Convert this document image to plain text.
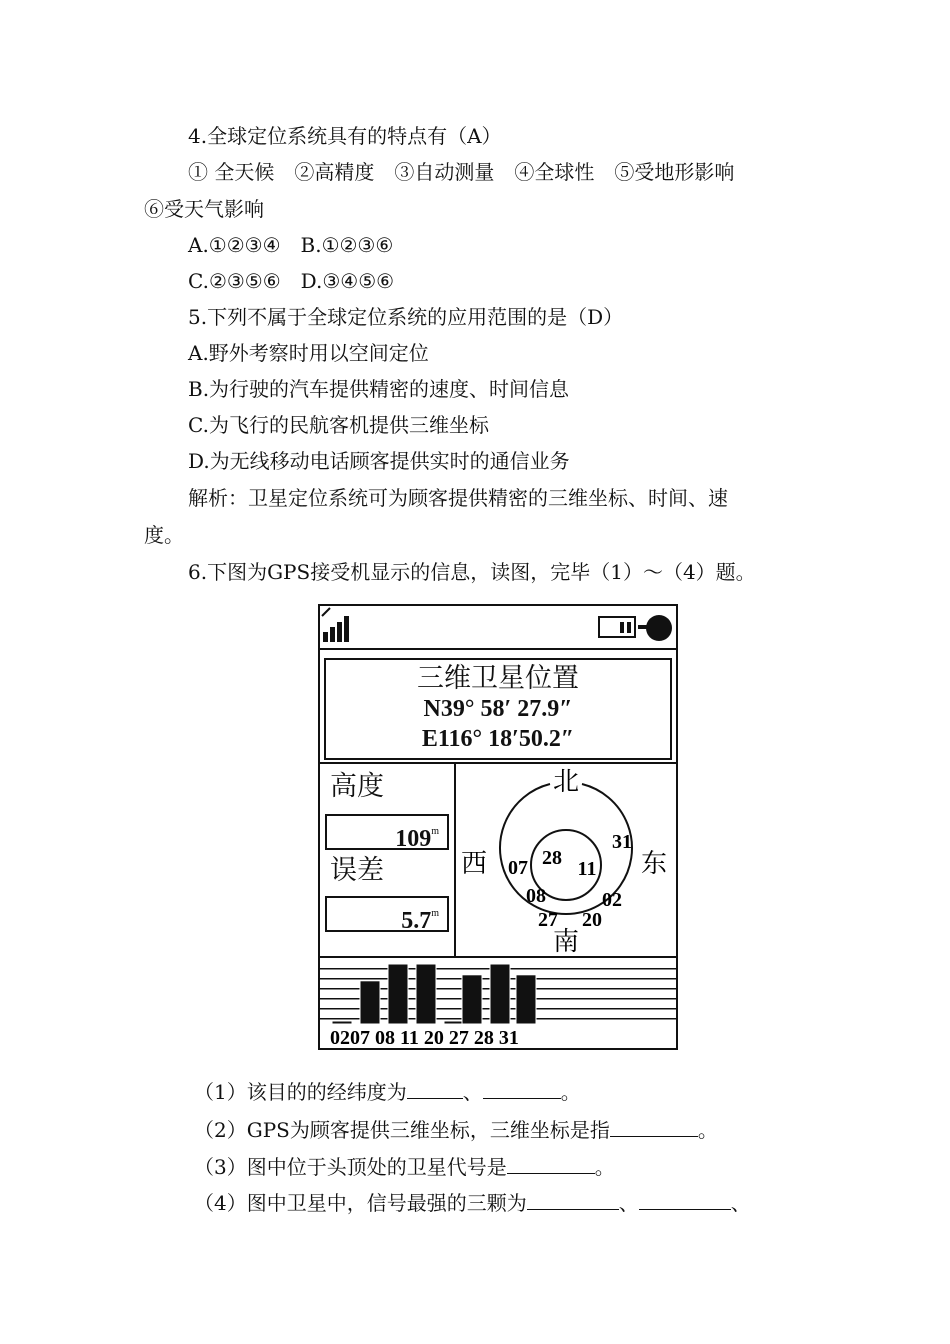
4.全球定位系统具有的特点有（A）
① 全天候　②高精度　③自动测量　④全球性　⑤受地形影响
⑥受天气影响
A.①②③④　B.①②③⑥
C.②③⑤⑥　D.③④⑤⑥
5.下列不属于全球定位系统的应用范围的是（D）
A.野外考察时用以空间定位
B.为行驶的汽车提供精密的速度、时间信息
C.为飞行的民航客机提供三维坐标
D.为无线移动电话顾客提供实时的通信业务
解析：卫星定位系统可为顾客提供精密的三维坐标、时间、速
度。
6.下图为GPS接受机显示的信息，读图，完毕（1）～（4）题。
三维卫星位置
N39° 58′ 27.9″
E116° 18′50.2″
高度
109$^m$
误差
5.7$^m$
北
南
东
西	28 11
31
07
08	02
27 20
0207 08 11 20 27 28 31
（1）该目的的经纬度为	、	。
（2）GPS为顾客提供三维坐标，三维坐标是指	。
（3）图中位于头顶处的卫星代号是	。
（4）图中卫星中，信号最强的三颗为	、	、
